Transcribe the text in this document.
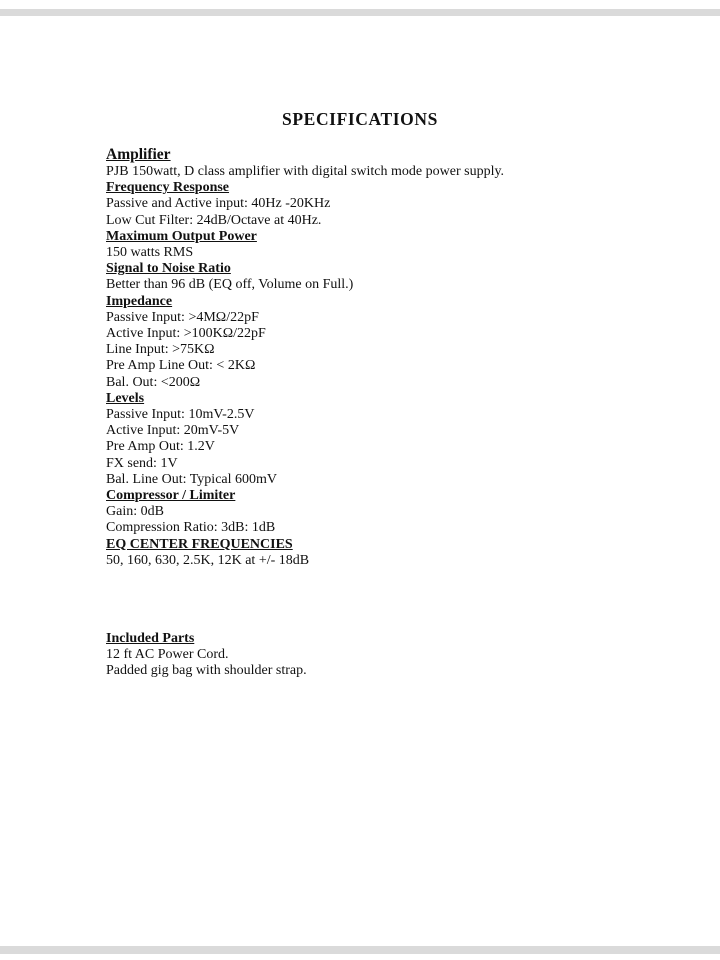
SPECIFICATIONS
Amplifier
PJB 150watt, D class amplifier with digital switch mode power supply.
Frequency Response
Passive and Active input: 40Hz -20KHz
Low Cut Filter: 24dB/Octave at 40Hz.
Maximum Output Power
150 watts RMS
Signal to Noise Ratio
Better than 96 dB (EQ off, Volume on Full.)
Impedance
Passive Input: >4MΩ/22pF
Active Input: >100KΩ/22pF
Line Input: >75KΩ
Pre Amp Line Out: < 2KΩ
Bal. Out: <200Ω
Levels
Passive Input: 10mV-2.5V
Active Input: 20mV-5V
Pre Amp Out: 1.2V
FX send: 1V
Bal. Line Out: Typical 600mV
Compressor / Limiter
Gain: 0dB
Compression Ratio: 3dB: 1dB
EQ CENTER FREQUENCIES
50, 160, 630, 2.5K, 12K at +/- 18dB
Included Parts
12 ft AC Power Cord.
Padded gig bag with shoulder strap.
